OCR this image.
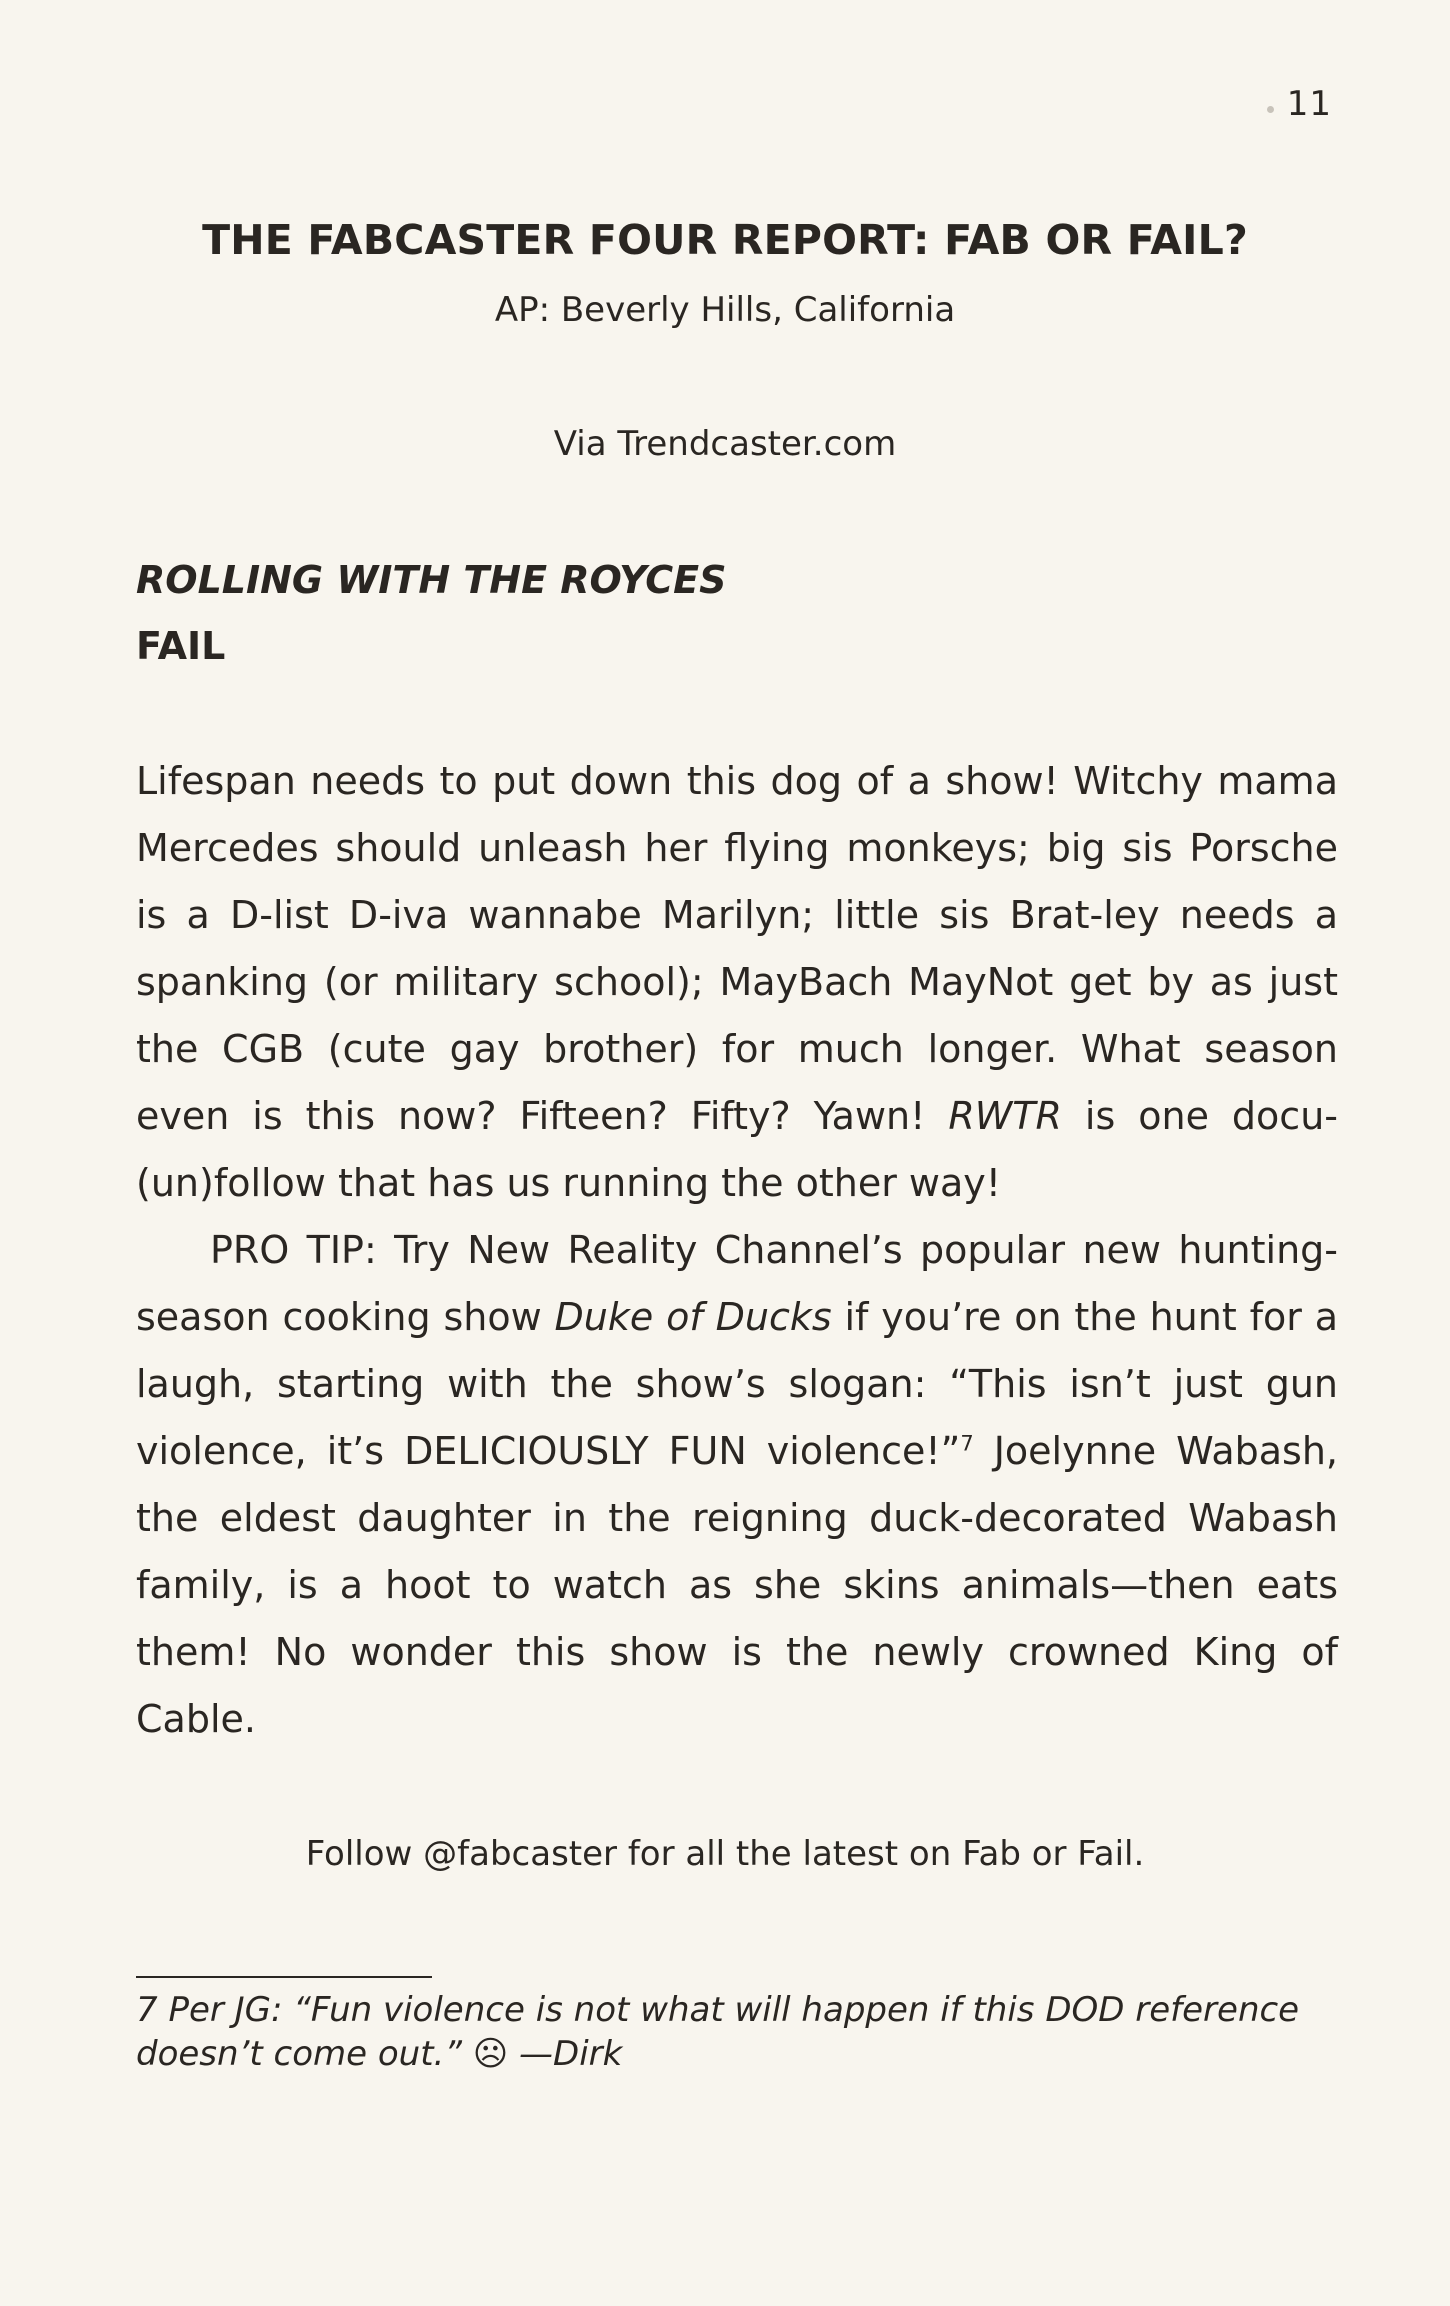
11
THE FABCASTER FOUR REPORT: FAB OR FAIL?
AP: Beverly Hills, California
Via Trendcaster.com
ROLLING WITH THE ROYCES
FAIL

Lifespan needs to put down this dog of a show! Witchy mama Mercedes should unleash her flying monkeys; big sis Porsche is a D-list D-iva wannabe Marilyn; little sis Brat-ley needs a spanking (or military school); MayBach MayNot get by as just the CGB (cute gay brother) for much longer. What season even is this now? Fifteen? Fifty? Yawn! RWTR is one docu-(un)follow that has us running the other way!

PRO TIP: Try New Reality Channel’s popular new hunting-season cooking show Duke of Ducks if you’re on the hunt for a laugh, starting with the show’s slogan: “This isn’t just gun violence, it’s DELICIOUSLY FUN violence!”$^7$ Joelynne Wabash, the eldest daughter in the reigning duck-decorated Wabash family, is a hoot to watch as she skins animals—then eats them! No wonder this show is the newly crowned King of Cable.

Follow @fabcaster for all the latest on Fab or Fail.
7 Per JG: “Fun violence is not what will happen if this DOD reference doesn’t come out.” ☹ —Dirk
